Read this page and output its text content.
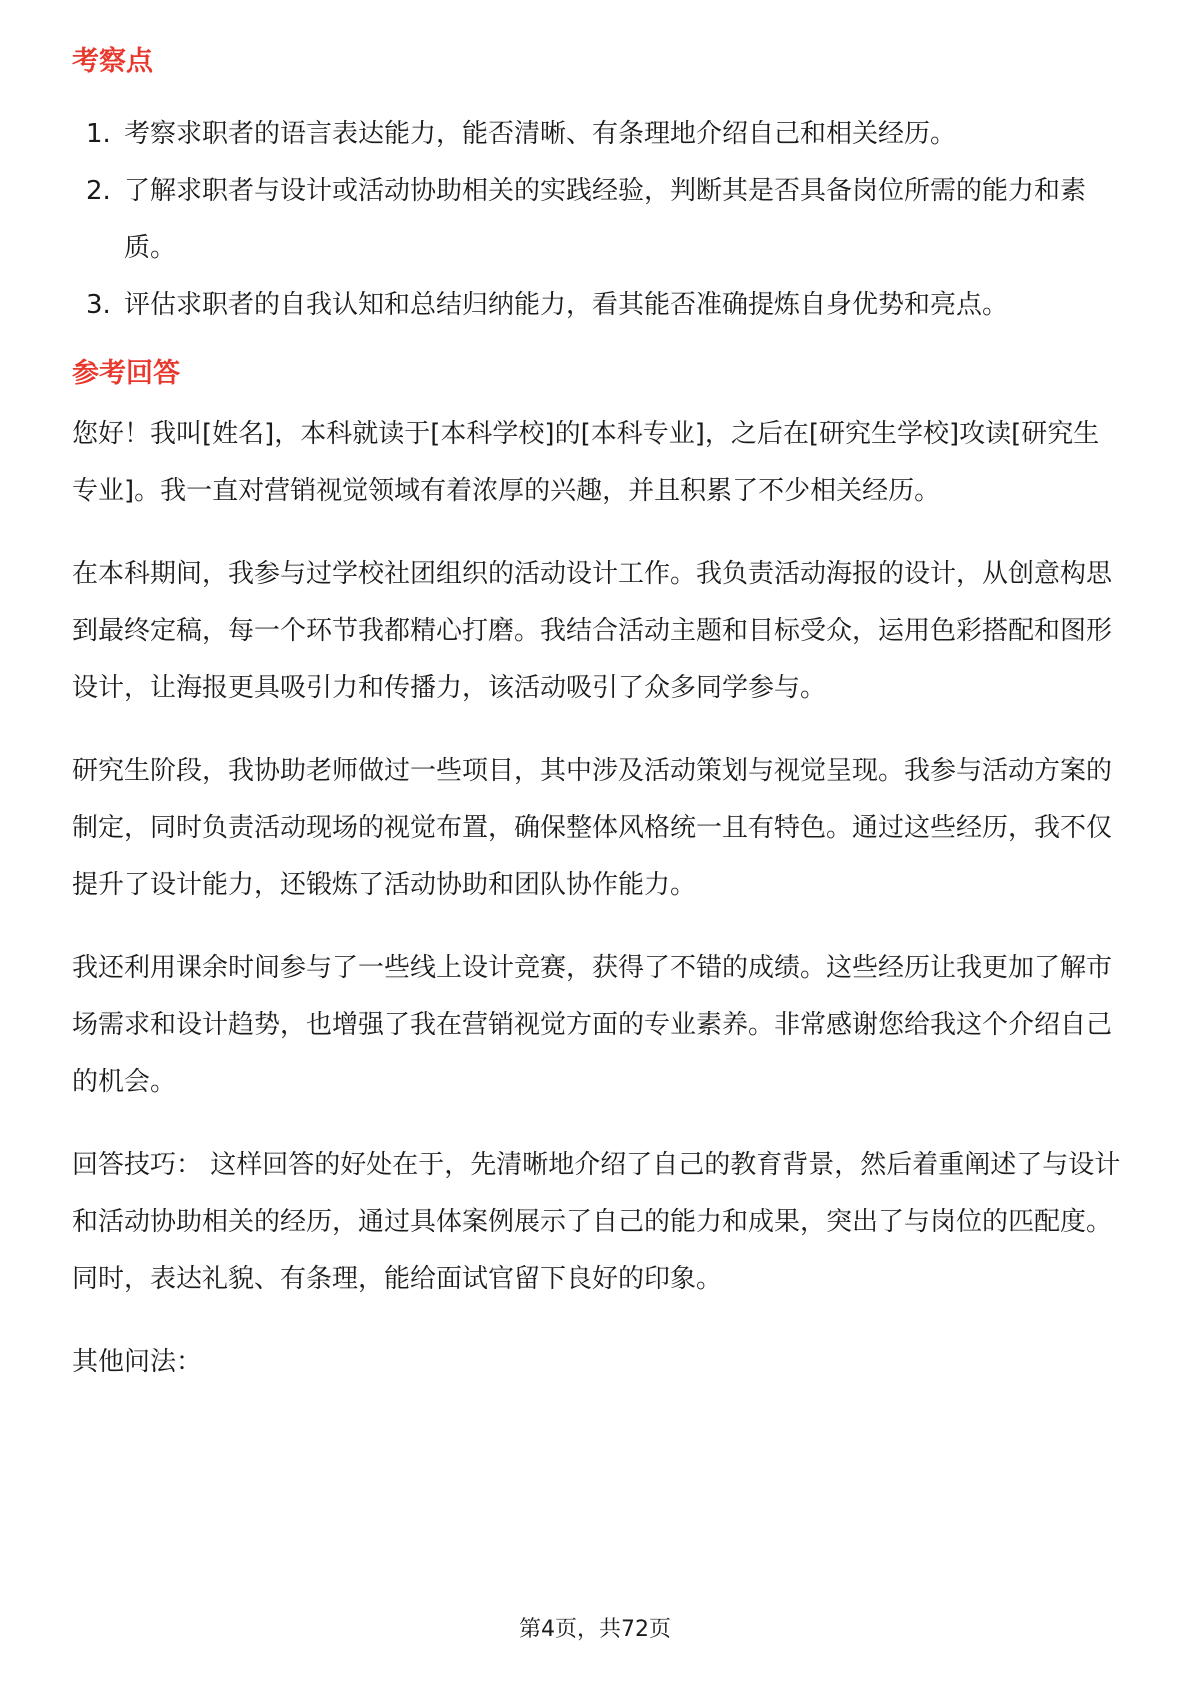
考察点
1. 考察求职者的语言表达能力，能否清晰、有条理地介绍自己和相关经历。
2. 了解求职者与设计或活动协助相关的实践经验，判断其是否具备岗位所需的能力和素质。
3. 评估求职者的自我认知和总结归纳能力，看其能否准确提炼自身优势和亮点。
参考回答

您好！我叫[姓名]，本科就读于[本科学校]的[本科专业]，之后在[研究生学校]攻读[研究生专业]。我一直对营销视觉领域有着浓厚的兴趣，并且积累了不少相关经历。

在本科期间，我参与过学校社团组织的活动设计工作。我负责活动海报的设计，从创意构思到最终定稿，每一个环节我都精心打磨。我结合活动主题和目标受众，运用色彩搭配和图形设计，让海报更具吸引力和传播力，该活动吸引了众多同学参与。

研究生阶段，我协助老师做过一些项目，其中涉及活动策划与视觉呈现。我参与活动方案的制定，同时负责活动现场的视觉布置，确保整体风格统一且有特色。通过这些经历，我不仅提升了设计能力，还锻炼了活动协助和团队协作能力。

我还利用课余时间参与了一些线上设计竞赛，获得了不错的成绩。这些经历让我更加了解市场需求和设计趋势，也增强了我在营销视觉方面的专业素养。非常感谢您给我这个介绍自己的机会。

回答技巧： 这样回答的好处在于，先清晰地介绍了自己的教育背景，然后着重阐述了与设计和活动协助相关的经历，通过具体案例展示了自己的能力和成果，突出了与岗位的匹配度。同时，表达礼貌、有条理，能给面试官留下良好的印象。

其他问法：

第4页，共72页
